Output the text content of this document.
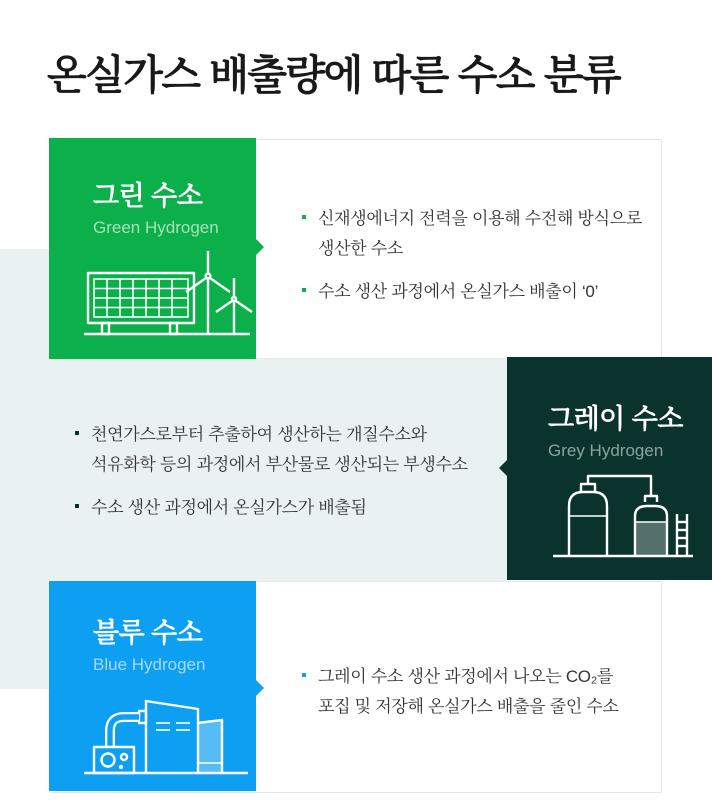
온실가스 배출량에 따른 수소 분류
그린 수소
Green Hydrogen	신재생에너지 전력을 이용해 수전해 방식으로
생산한 수소
수소 생산 과정에서 온실가스 배출이 ‘0’
그레이 수소
Grey Hydrogen
천연가스로부터 추출하여 생산하는 개질수소와
석유화학 등의 과정에서 부산물로 생산되는 부생수소
수소 생산 과정에서 온실가스가 배출됨
블루 수소
Blue Hydrogen
그레이 수소 생산 과정에서 나오는 CO₂를
포집 및 저장해 온실가스 배출을 줄인 수소
